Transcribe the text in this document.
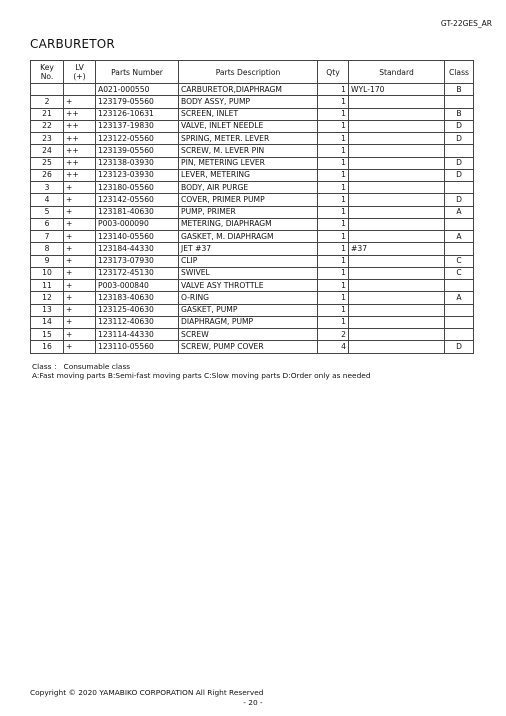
GT-22GES_AR
CARBURETOR
Key
No.	LV
(+)	Parts Number	Parts Description	Qty	Standard	Class
		A021-000550	CARBURETOR,DIAPHRAGM	1	WYL-170	B
2	+	123179-05560	BODY ASSY, PUMP	1		
21	++	123126-10631	SCREEN, INLET	1		B
22	++	123137-19830	VALVE, INLET NEEDLE	1		D
23	++	123122-05560	SPRING, METER. LEVER	1		D
24	++	123139-05560	SCREW, M. LEVER PIN	1		
25	++	123138-03930	PIN, METERING LEVER	1		D
26	++	123123-03930	LEVER, METERING	1		D
3	+	123180-05560	BODY, AIR PURGE	1		
4	+	123142-05560	COVER, PRIMER PUMP	1		D
5	+	123181-40630	PUMP, PRIMER	1		A
6	+	P003-000090	METERING, DIAPHRAGM	1		
7	+	123140-05560	GASKET, M. DIAPHRAGM	1		A
8	+	123184-44330	JET #37	1	#37	
9	+	123173-07930	CLIP	1		C
10	+	123172-45130	SWIVEL	1		C
11	+	P003-000840	VALVE ASY THROTTLE	1		
12	+	123183-40630	O-RING	1		A
13	+	123125-40630	GASKET, PUMP	1		
14	+	123112-40630	DIAPHRAGM, PUMP	1		
15	+	123114-44330	SCREW	2		
16	+	123110-05560	SCREW, PUMP COVER	4		D
Class ： Consumable class
A:Fast moving parts B:Semi-fast moving parts C:Slow moving parts D:Order only as needed
Copyright © 2020 YAMABIKO CORPORATION All Right Reserved
- 20 -
